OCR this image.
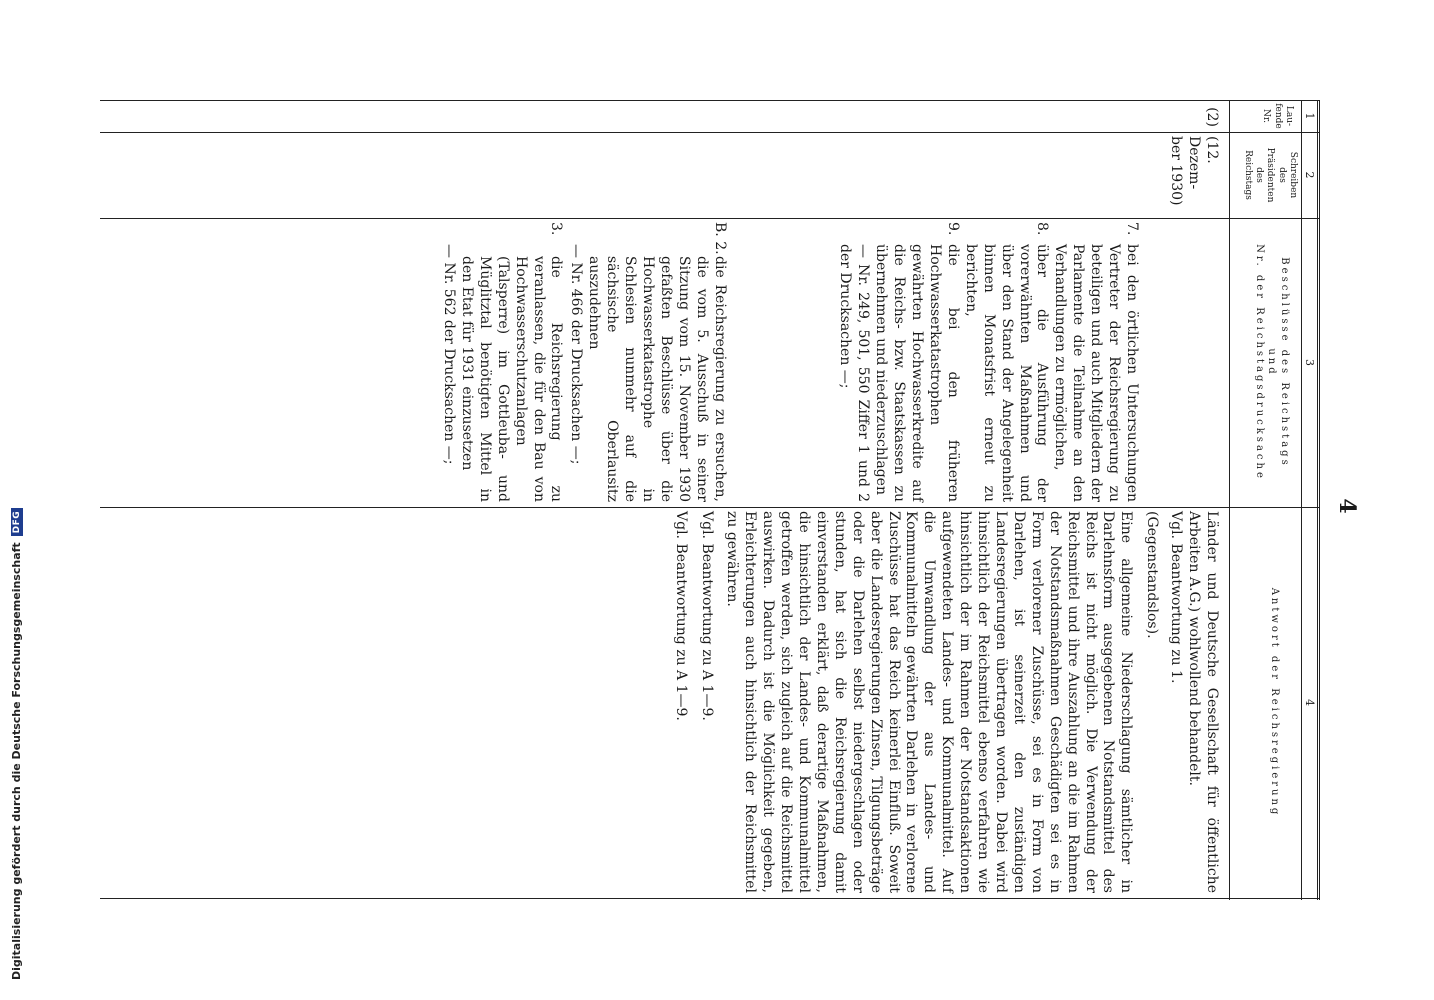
Digitalisierung gefördert durch die Deutsche Forschungsgemeinschaft
DFG
4
1
2
3
4
Lau-
fende
Nr.
Schreiben
des
Präsidenten
des
Reichstags
Beschlüsse des Reichstags
und
Nr. der Reichstagsdrucksache
Antwort der Reichsregierung
(2)
(12. Dezem-
ber 1930)
7.
bei den örtlichen Untersuchungen Vertreter der Reichsregierung zu beteiligen und auch Mitgliedern der Parlamente die Teilnahme an den Verhandlungen zu ermöglichen,
8.
über die Ausführung der vorerwähnten Maßnahmen und über den Stand der Angelegenheit binnen Monatsfrist erneut zu berichten,
9.
die bei den früheren Hochwasserkatastrophen gewährten Hochwasserkredite auf die Reichs- bzw. Staatskassen zu übernehmen und niederzuschlagen

— Nr. 249, 501, 550 Ziffer 1 und 2 der Drucksachen —;

B. 2.
die Reichsregierung zu ersuchen, die vom 5. Ausschuß in seiner Sitzung vom 15. November 1930 gefaßten Beschlüsse über die Hochwasserkatastrophe in Schlesien nunmehr auf die sächsische Oberlausitz auszudehnen

— Nr. 466 der Drucksachen —;

3.
die Reichsregierung zu veranlassen, die für den Bau von Hochwasserschutzanlagen (Talsperre) im Gottleuba- und Müglitztal benötigten Mittel in den Etat für 1931 einzusetzen

— Nr. 562 der Drucksachen —;

Länder und Deutsche Gesellschaft für öffentliche Arbeiten A.G.) wohlwollend behandelt.
Vgl. Beantwortung zu 1.

(Gegenstandslos).

Eine allgemeine Niederschlagung sämtlicher in Darlehnsform ausgegebenen Notstandsmittel des Reichs ist nicht möglich. Die Verwendung der Reichsmittel und ihre Auszahlung an die im Rahmen der Notstandsmaßnahmen Geschädigten sei es in Form verlorener Zuschüsse, sei es in Form von Darlehen, ist seinerzeit den zuständigen Landesregierungen übertragen worden. Dabei wird hinsichtlich der Reichsmittel ebenso verfahren wie hinsichtlich der im Rahmen der Notstandsaktionen aufgewendeten Landes- und Kommunalmittel. Auf die Umwandlung der aus Landes- und Kommunalmitteln gewährten Darlehen in verlorene Zuschüsse hat das Reich keinerlei Einfluß. Soweit aber die Landesregierungen Zinsen, Tilgungsbeträge oder die Darlehen selbst niedergeschlagen oder stunden, hat sich die Reichsregierung damit einverstanden erklärt, daß derartige Maßnahmen, die hinsichtlich der Landes- und Kommunalmittel getroffen werden, sich zugleich auf die Reichsmittel auswirken. Dadurch ist die Möglichkeit gegeben, Erleichterungen auch hinsichtlich der Reichsmittel zu gewähren.

Vgl. Beantwortung zu A 1—9.

Vgl. Beantwortung zu A 1—9.
